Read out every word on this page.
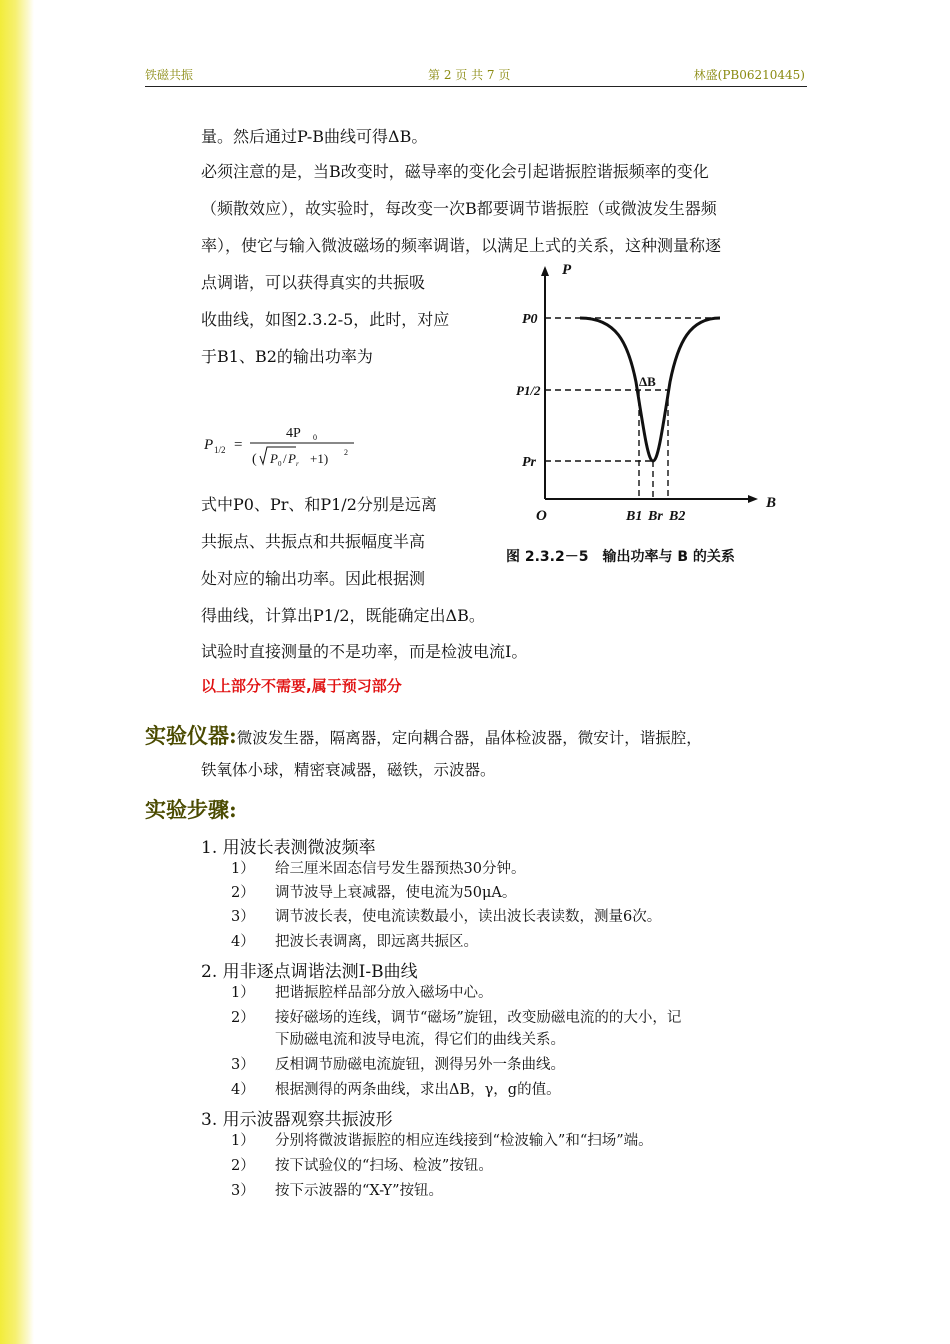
铁磁共振	第 2 页 共 7 页	林盛(PB06210445)
量。然后通过P-B曲线可得ΔB。
必须注意的是，当B改变时，磁导率的变化会引起谐振腔谐振频率的变化
（频散效应），故实验时，每改变一次B都要调节谐振腔（或微波发生器频
率），使它与输入微波磁场的频率调谐，以满足上式的关系，这种测量称逐
点调谐，可以获得真实的共振吸
收曲线，如图2.3.2-5，此时，对应
于B1、B2的输出功率为
式中P0、Pr、和P1/2分别是远离
共振点、共振点和共振幅度半高
处对应的输出功率。因此根据测
得曲线，计算出P1/2，既能确定出ΔB。
试验时直接测量的不是功率，而是检波电流I。
以上部分不需要,属于预习部分
P 1/2 =
4P 0
( P 0 / P r +1) 2
P
B
O
P0
P1/2
Pr
ΔB
B1 Br B2
图 2.3.2－5　输出功率与 B 的关系
实验仪器:微波发生器，隔离器，定向耦合器，晶体检波器，微安计，谐振腔，
铁氧体小球，精密衰减器，磁铁，示波器。
实验步骤:
1. 用波长表测微波频率
1） 给三厘米固态信号发生器预热30分钟。
2） 调节波导上衰减器，使电流为50μA。
3） 调节波长表，使电流读数最小，读出波长表读数，测量6次。
4） 把波长表调离，即远离共振区。
2. 用非逐点调谐法测I-B曲线
1） 把谐振腔样品部分放入磁场中心。
2） 接好磁场的连线，调节“磁场”旋钮，改变励磁电流的的大小，记
下励磁电流和波导电流，得它们的曲线关系。
3） 反相调节励磁电流旋钮，测得另外一条曲线。
4） 根据测得的两条曲线，求出ΔB，γ，g的值。
3. 用示波器观察共振波形
1） 分别将微波谐振腔的相应连线接到“检波输入”和“扫场”端。
2） 按下试验仪的“扫场、检波”按钮。
3） 按下示波器的“X-Y”按钮。
